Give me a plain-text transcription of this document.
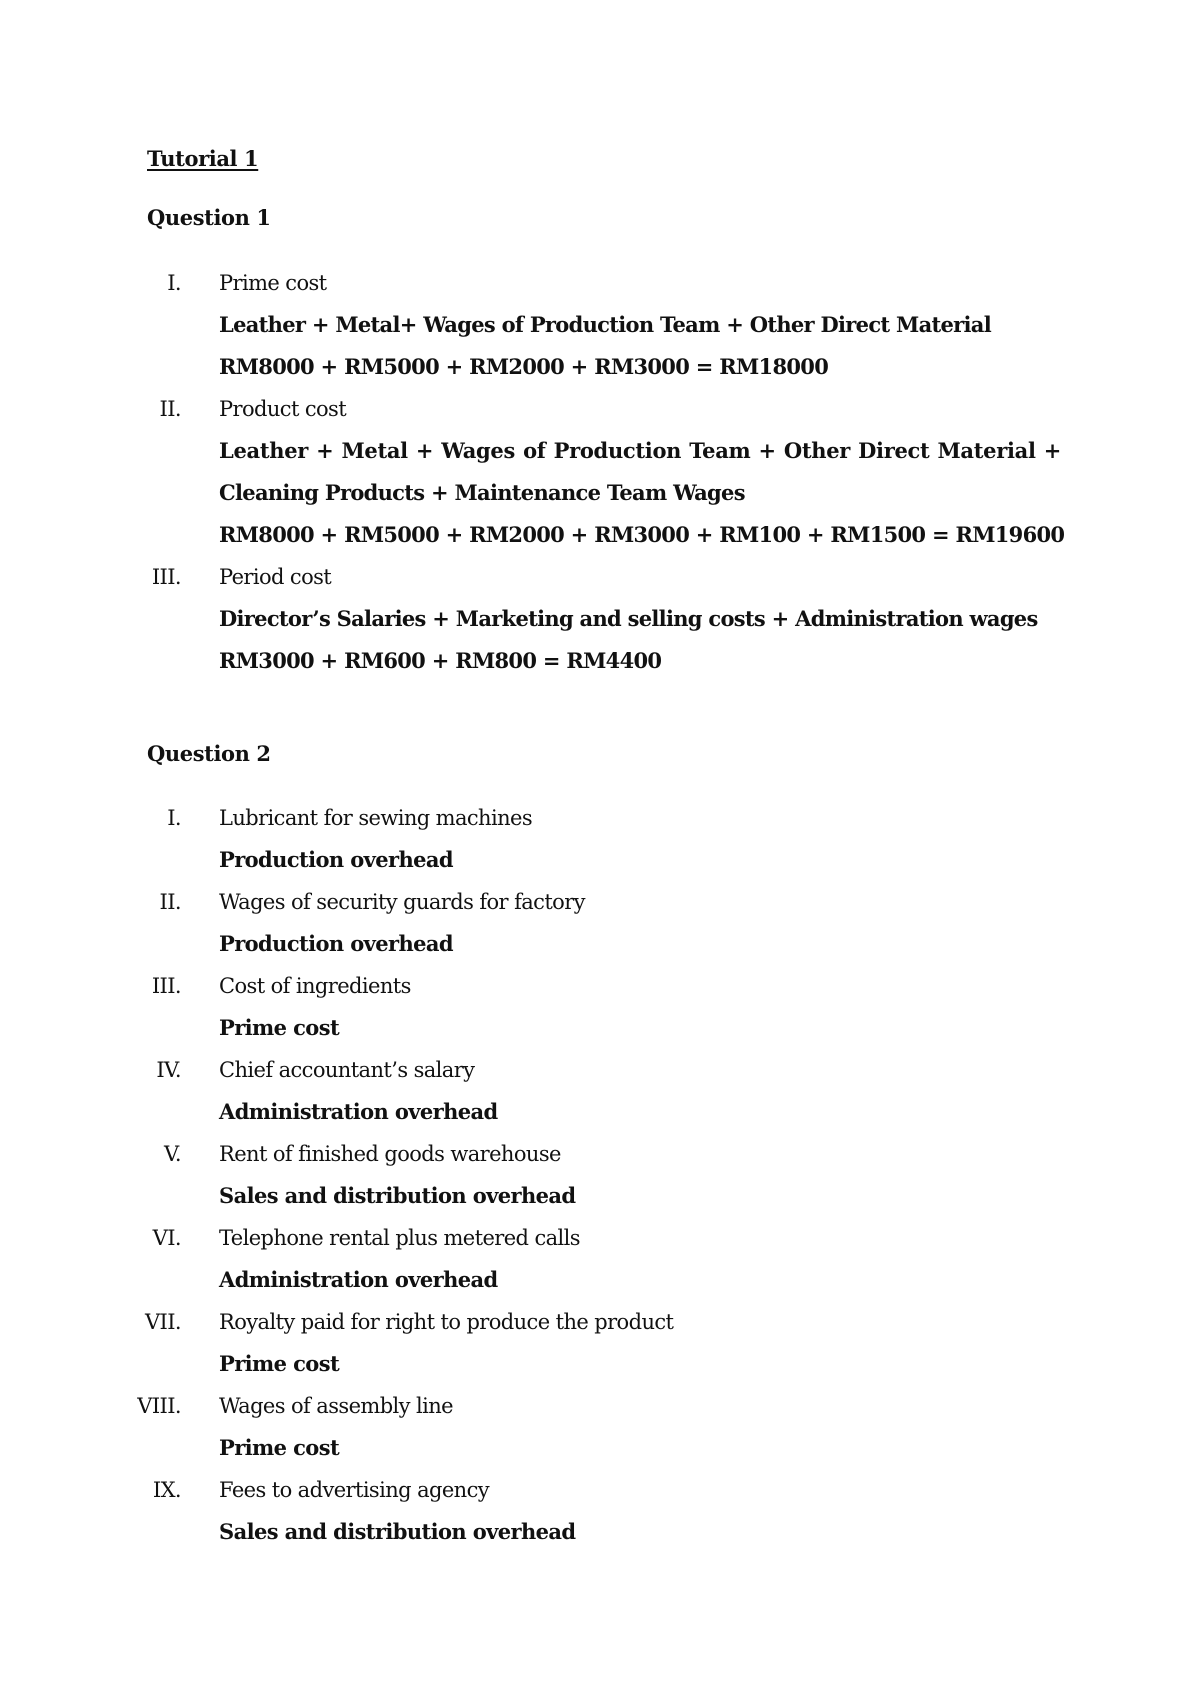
Tutorial 1
Question 1
I. Prime cost
Leather + Metal+ Wages of Production Team + Other Direct Material
RM8000 + RM5000 + RM2000 + RM3000 = RM18000
II. Product cost
Leather + Metal + Wages of Production Team + Other Direct Material +
Cleaning Products + Maintenance Team Wages
RM8000 + RM5000 + RM2000 + RM3000 + RM100 + RM1500 = RM19600
III. Period cost
Director’s Salaries + Marketing and selling costs + Administration wages
RM3000 + RM600 + RM800 = RM4400
Question 2
I. Lubricant for sewing machines
Production overhead
II. Wages of security guards for factory
Production overhead
III. Cost of ingredients
Prime cost
IV. Chief accountant’s salary
Administration overhead
V. Rent of finished goods warehouse
Sales and distribution overhead
VI. Telephone rental plus metered calls
Administration overhead
VII. Royalty paid for right to produce the product
Prime cost
VIII. Wages of assembly line
Prime cost
IX. Fees to advertising agency
Sales and distribution overhead
